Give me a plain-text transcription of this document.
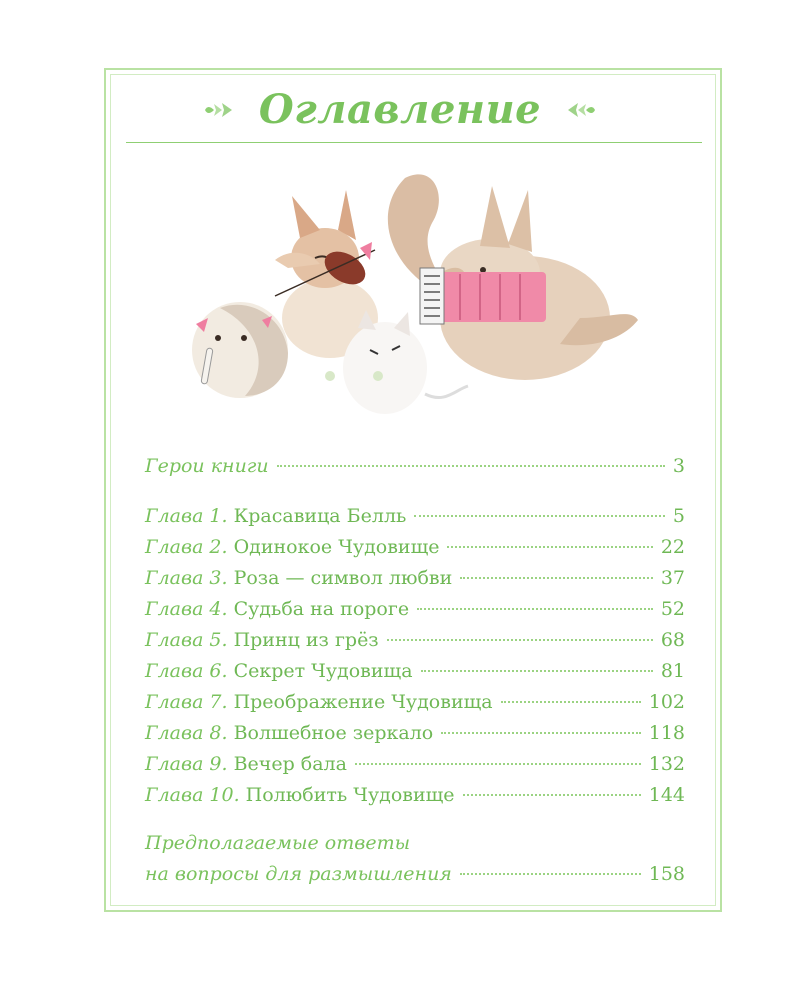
Оглавление
Герои книги	3
Глава 1. Красавица Белль	5
Глава 2. Одинокое Чудовище	22
Глава 3. Роза — символ любви	37
Глава 4. Судьба на пороге	52
Глава 5. Принц из грёз	68
Глава 6. Секрет Чудовища	81
Глава 7. Преображение Чудовища	102
Глава 8. Волшебное зеркало	118
Глава 9. Вечер бала	132
Глава 10. Полюбить Чудовище	144
Предполагаемые ответы
на вопросы для размышления	158
